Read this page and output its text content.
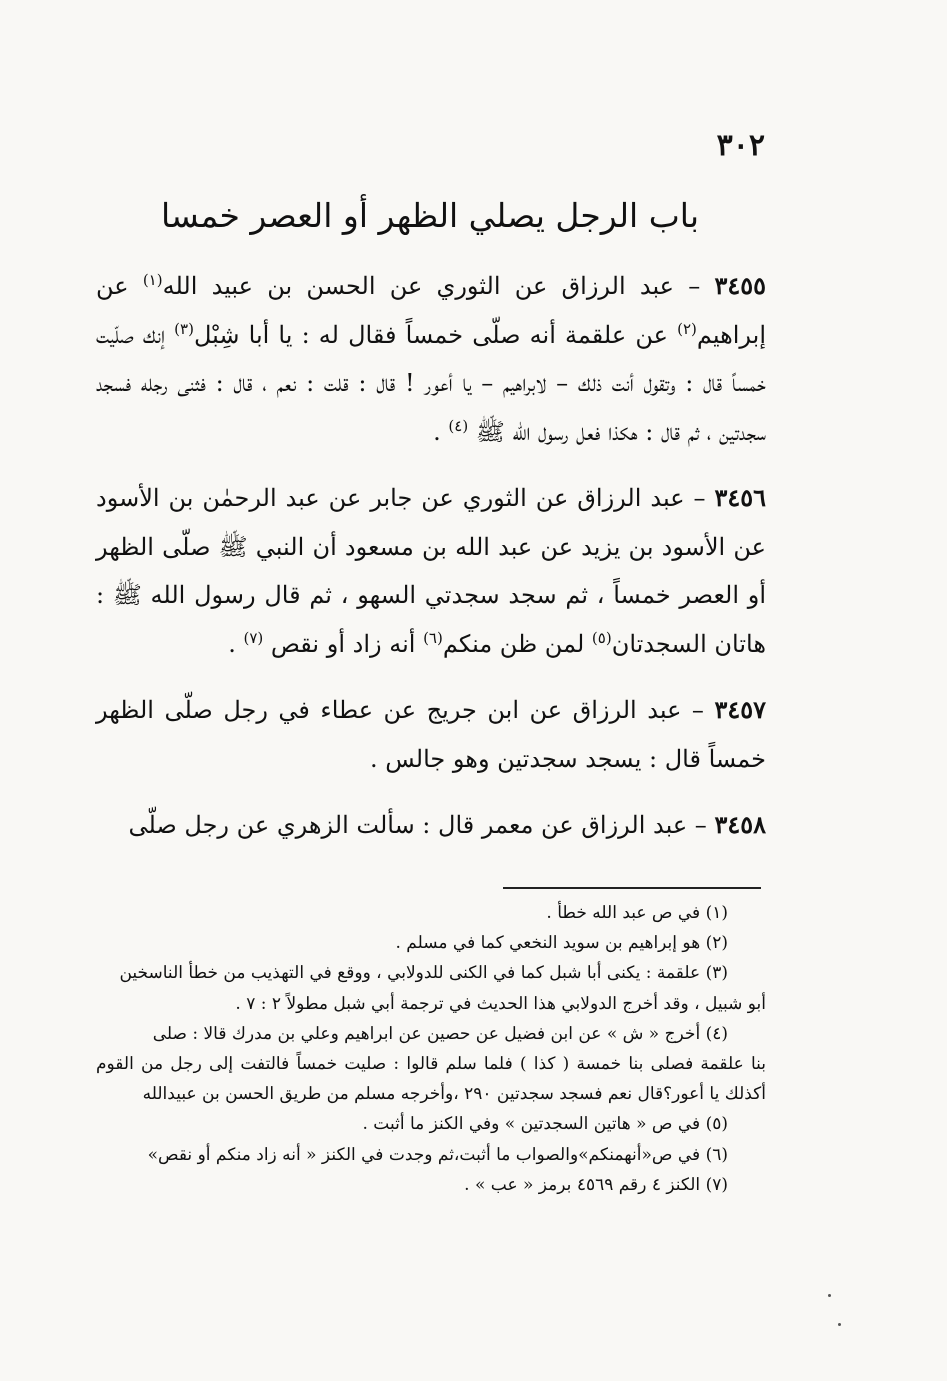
٣٠٢
باب الرجل يصلي الظهر أو العصر خمسا

٣٤٥٥ – عبد الرزاق عن الثوري عن الحسن بن عبيد الله$^{(١)}$ عن إبراهيم$^{(٢)}$ عن علقمة أنه صلّى خمساً فقال له : يا أبا شِبْل$^{(٣)}$ إنك صلّيت خمساً قال : وتقول أنت ذلك – لابراهيم – يا أعور ! قال : قلت : نعم ، قال : فثنى رجله فسجد سجدتين ، ثم قال : هكذا فعل رسول الله ﷺ $^{(٤)}$ .

٣٤٥٦ – عبد الرزاق عن الثوري عن جابر عن عبد الرحمٰن بن الأسود عن الأسود بن يزيد عن عبد الله بن مسعود أن النبي ﷺ صلّى الظهر أو العصر خمساً ، ثم سجد سجدتي السهو ، ثم قال رسول الله ﷺ : هاتان السجدتان$^{(٥)}$ لمن ظن منكم$^{(٦)}$ أنه زاد أو نقص $^{(٧)}$ .

٣٤٥٧ – عبد الرزاق عن ابن جريج عن عطاء في رجل صلّى الظهر خمساً قال : يسجد سجدتين وهو جالس .

٣٤٥٨ – عبد الرزاق عن معمر قال : سألت الزهري عن رجل صلّى

(١) في ص عبد الله خطأ .

(٢) هو إبراهيم بن سويد النخعي كما في مسلم .

(٣) علقمة : يكنى أبا شبل كما في الكنى للدولابي ، ووقع في التهذيب من خطأ الناسخين

أبو شبيل ، وقد أخرج الدولابي هذا الحديث في ترجمة أبي شبل مطولاً ٢ : ٧ .

(٤) أخرج « ش » عن ابن فضيل عن حصين عن ابراهيم وعلي بن مدرك قالا : صلى

بنا علقمة فصلى بنا خمسة ( كذا ) فلما سلم قالوا : صليت خمساً فالتفت إلى رجل من القوم أكذلك يا أعور؟قال نعم فسجد سجدتين ٢٩٠ ،وأخرجه مسلم من طريق الحسن بن عبيدالله

(٥) في ص « هاتين السجدتين » وفي الكنز ما أثبت .

(٦) في ص«أنهمنكم»والصواب ما أثبت،ثم وجدت في الكنز « أنه زاد منكم أو نقص»

(٧) الكنز ٤ رقم ٤٥٦٩ برمز « عب » .
